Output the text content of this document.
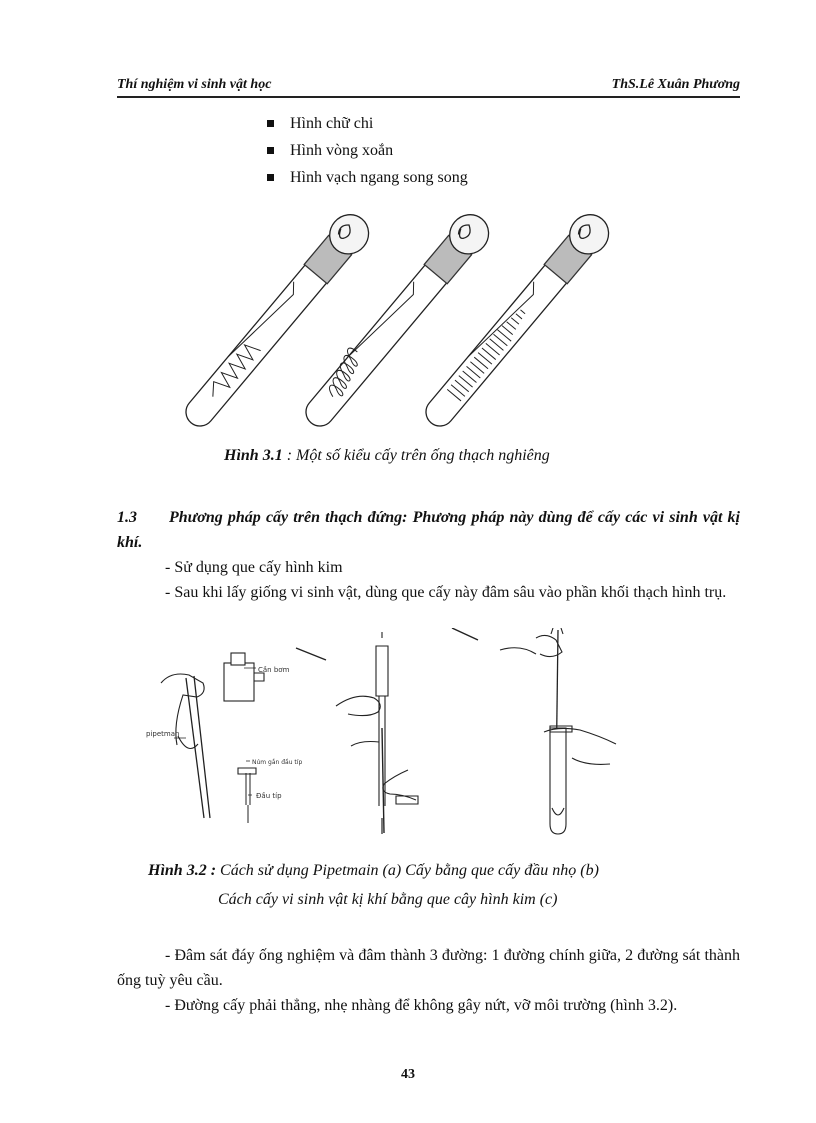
Thí nghiệm vi sinh vật học	ThS.Lê Xuân Phương
Hình chữ chi
Hình vòng xoắn
Hình vạch ngang song song
Hình 3.1 : Một số kiểu cấy trên ống thạch nghiêng
1.3 Phương pháp cấy trên thạch đứng: Phương pháp này dùng để cấy các vi sinh vật kị khí.
- Sử dụng que cấy hình kim
- Sau khi lấy giống vi sinh vật, dùng que cấy này đâm sâu vào phần khối thạch hình trụ.
Cần bơm
pipetman
Núm gắn đầu típ
Đầu típ
Hình 3.2 : Cách sử dụng Pipetmain (a) Cấy bằng que cấy đầu nhọ (b)
Cách cấy vi sinh vật kị khí bằng que cây hình kim (c)
- Đâm sát đáy ống nghiệm và đâm thành 3 đường: 1 đường chính giữa, 2 đường sát thành ống tuỳ yêu cầu.
- Đường cấy phải thẳng, nhẹ nhàng để không gây nứt, vỡ môi trường (hình 3.2).
43
